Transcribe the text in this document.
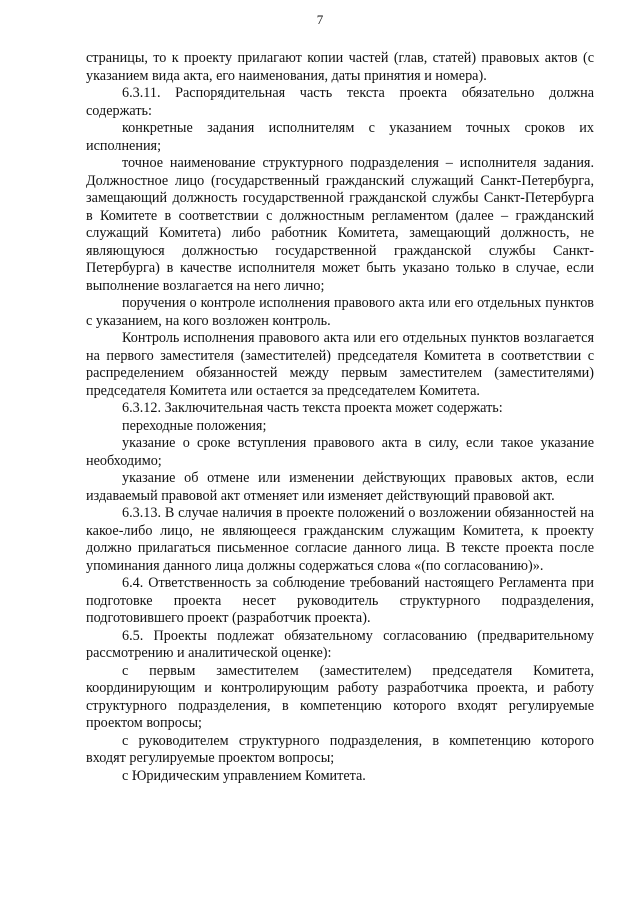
7

страницы, то к проекту прилагают копии частей (глав, статей) правовых актов (с указанием вида акта, его наименования, даты принятия и номера).

6.3.11. Распорядительная часть текста проекта обязательно должна содержать:

конкретные задания исполнителям с указанием точных сроков их исполнения;

точное наименование структурного подразделения – исполнителя задания. Должностное лицо (государственный гражданский служащий Санкт-Петербурга, замещающий должность государственной гражданской службы Санкт-Петербурга в Комитете в соответствии с должностным регламентом (далее – гражданский служащий Комитета) либо работник Комитета, замещающий должность, не являющуюся должностью государственной гражданской службы Санкт-Петербурга) в качестве исполнителя может быть указано только в случае, если выполнение возлагается на него лично;

поручения о контроле исполнения правового акта или его отдельных пунктов с указанием, на кого возложен контроль.

Контроль исполнения правового акта или его отдельных пунктов возлагается на первого заместителя (заместителей) председателя Комитета в соответствии с распределением обязанностей между первым заместителем (заместителями) председателя Комитета или остается за председателем Комитета.

6.3.12. Заключительная часть текста проекта может содержать:

переходные положения;

указание о сроке вступления правового акта в силу, если такое указание необходимо;

указание об отмене или изменении действующих правовых актов, если издаваемый правовой акт отменяет или изменяет действующий правовой акт.

6.3.13. В случае наличия в проекте положений о возложении обязанностей на какое-либо лицо, не являющееся гражданским служащим Комитета, к проекту должно прилагаться письменное согласие данного лица. В тексте проекта после упоминания данного лица должны содержаться слова «(по согласованию)».

6.4. Ответственность за соблюдение требований настоящего Регламента при подготовке проекта несет руководитель структурного подразделения, подготовившего проект (разработчик проекта).

6.5. Проекты подлежат обязательному согласованию (предварительному рассмотрению и аналитической оценке):

с первым заместителем (заместителем) председателя Комитета, координирующим и контролирующим работу разработчика проекта, и работу структурного подразделения, в компетенцию которого входят регулируемые проектом вопросы;

с руководителем структурного подразделения, в компетенцию которого входят регулируемые проектом вопросы;

с Юридическим управлением Комитета.
